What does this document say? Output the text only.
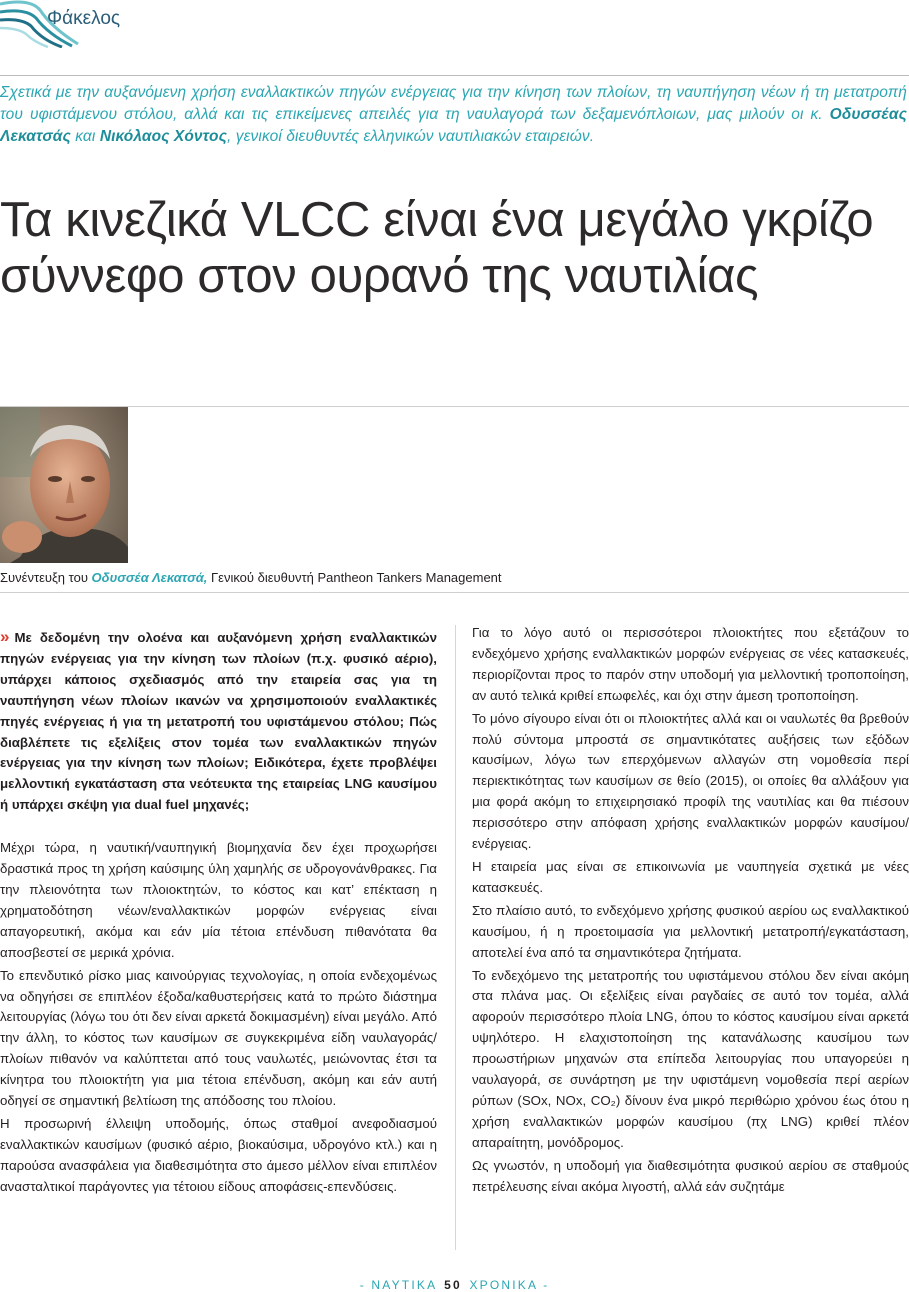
Φάκελος
Σχετικά με την αυξανόμενη χρήση εναλλακτικών πηγών ενέργειας για την κίνηση των πλοίων, τη ναυπήγηση νέων ή τη μετατροπή του υφιστάμενου στόλου, αλλά και τις επικείμενες απειλές για τη ναυλαγορά των δεξαμενόπλοιων, μας μιλούν οι κ. Οδυσσέας Λεκατσάς και Νικόλαος Χόντος, γενικοί διευθυντές ελληνικών ναυτιλιακών εταιρειών.
Τα κινεζικά VLCC είναι ένα μεγάλο γκρίζο σύννεφο στον ουρανό της ναυτιλίας
Συνέντευξη του Οδυσσέα Λεκατσά, Γενικού διευθυντή Pantheon Tankers Management

» Με δεδομένη την ολοένα και αυξανόμενη χρήση εναλλακτικών πηγών ενέργειας για την κίνηση των πλοίων (π.χ. φυσικό αέριο), υπάρχει κάποιος σχεδιασμός από την εταιρεία σας για τη ναυπήγηση νέων πλοίων ικανών να χρησιμοποιούν εναλλακτικές πηγές ενέργειας ή για τη μετατροπή του υφιστάμενου στόλου; Πώς διαβλέπετε τις εξελίξεις στον τομέα των εναλλακτικών πηγών ενέργειας για την κίνηση των πλοίων; Ειδικότερα, έχετε προβλέψει μελλοντική εγκατάσταση στα νεότευκτα της εταιρείας LNG καυσίμου ή υπάρχει σκέψη για dual fuel μηχανές;

Μέχρι τώρα, η ναυτική/ναυπηγική βιομηχανία δεν έχει προχωρήσει δραστικά προς τη χρήση καύσιμης ύλη χαμηλής σε υδρογονάνθρακες. Για την πλειονότητα των πλοιοκτητών, το κόστος και κατ’ επέκταση η χρηματοδότηση νέων/εναλλακτικών μορφών ενέργειας είναι απαγορευτική, ακόμα και εάν μία τέτοια επένδυση πιθανότατα θα αποσβεστεί σε μερικά χρόνια.

Το επενδυτικό ρίσκο μιας καινούργιας τεχνολογίας, η οποία ενδεχομένως να οδηγήσει σε επιπλέον έξοδα/καθυστερήσεις κατά το πρώτο διάστημα λειτουργίας (λόγω του ότι δεν είναι αρκετά δοκιμασμένη) είναι μεγάλο. Από την άλλη, το κόστος των καυσίμων σε συγκεκριμένα είδη ναυλαγοράς/πλοίων πιθανόν να καλύπτεται από τους ναυλωτές, μειώνοντας έτσι τα κίνητρα του πλοιοκτήτη για μια τέτοια επένδυση, ακόμη και εάν αυτή οδηγεί σε σημαντική βελτίωση της απόδοσης του πλοίου.

Η προσωρινή έλλειψη υποδομής, όπως σταθμοί ανεφοδιασμού εναλλακτικών καυσίμων (φυσικό αέριο, βιοκαύσιμα, υδρογόνο κτλ.) και η παρούσα ανασφάλεια για διαθεσιμότητα στο άμεσο μέλλον είναι επιπλέον ανασταλτικοί παράγοντες για τέτοιου είδους αποφάσεις-επενδύσεις.

Για το λόγο αυτό οι περισσότεροι πλοιοκτήτες που εξετάζουν το ενδεχόμενο χρήσης εναλλακτικών μορφών ενέργειας σε νέες κατασκευές, περιορίζονται προς το παρόν στην υποδομή για μελλοντική τροποποίηση, αν αυτό τελικά κριθεί επωφελές, και όχι στην άμεση τροποποίηση.

Το μόνο σίγουρο είναι ότι οι πλοιοκτήτες αλλά και οι ναυλωτές θα βρεθούν πολύ σύντομα μπροστά σε σημαντικότατες αυξήσεις των εξόδων καυσίμων, λόγω των επερχόμενων αλλαγών στη νομοθεσία περί περιεκτικότητας των καυσίμων σε θείο (2015), οι οποίες θα αλλάξουν για μια φορά ακόμη το επιχειρησιακό προφίλ της ναυτιλίας και θα πιέσουν περισσότερο στην απόφαση χρήσης εναλλακτικών μορφών καυσίμου/ενέργειας.

Η εταιρεία μας είναι σε επικοινωνία με ναυπηγεία σχετικά με νέες κατασκευές.

Στο πλαίσιο αυτό, το ενδεχόμενο χρήσης φυσικού αερίου ως εναλλακτικού καυσίμου, ή η προετοιμασία για μελλοντική μετατροπή/εγκατάσταση, αποτελεί ένα από τα σημαντικότερα ζητήματα.

Το ενδεχόμενο της μετατροπής του υφιστάμενου στόλου δεν είναι ακόμη στα πλάνα μας. Οι εξελίξεις είναι ραγδαίες σε αυτό τον τομέα, αλλά αφορούν περισσότερο πλοία LNG, όπου το κόστος καυσίμου είναι αρκετά υψηλότερο. Η ελαχιστοποίηση της κατανάλωσης καυσίμου των προωστήριων μηχανών στα επίπεδα λειτουργίας που υπαγορεύει η ναυλαγορά, σε συνάρτηση με την υφιστάμενη νομοθεσία περί αερίων ρύπων (SOx, NOx, CO₂) δίνουν ένα μικρό περιθώριο χρόνου έως ότου η χρήση εναλλακτικών μορφών καυσίμου (πχ LNG) κριθεί πλέον απαραίτητη, μονόδρομος.

Ως γνωστόν, η υποδομή για διαθεσιμότητα φυσικού αερίου σε σταθμούς πετρέλευσης είναι ακόμα λιγοστή, αλλά εάν συζητάμε

- ΝΑΥΤΙΚΑ 50 ΧΡΟΝΙΚΑ -
